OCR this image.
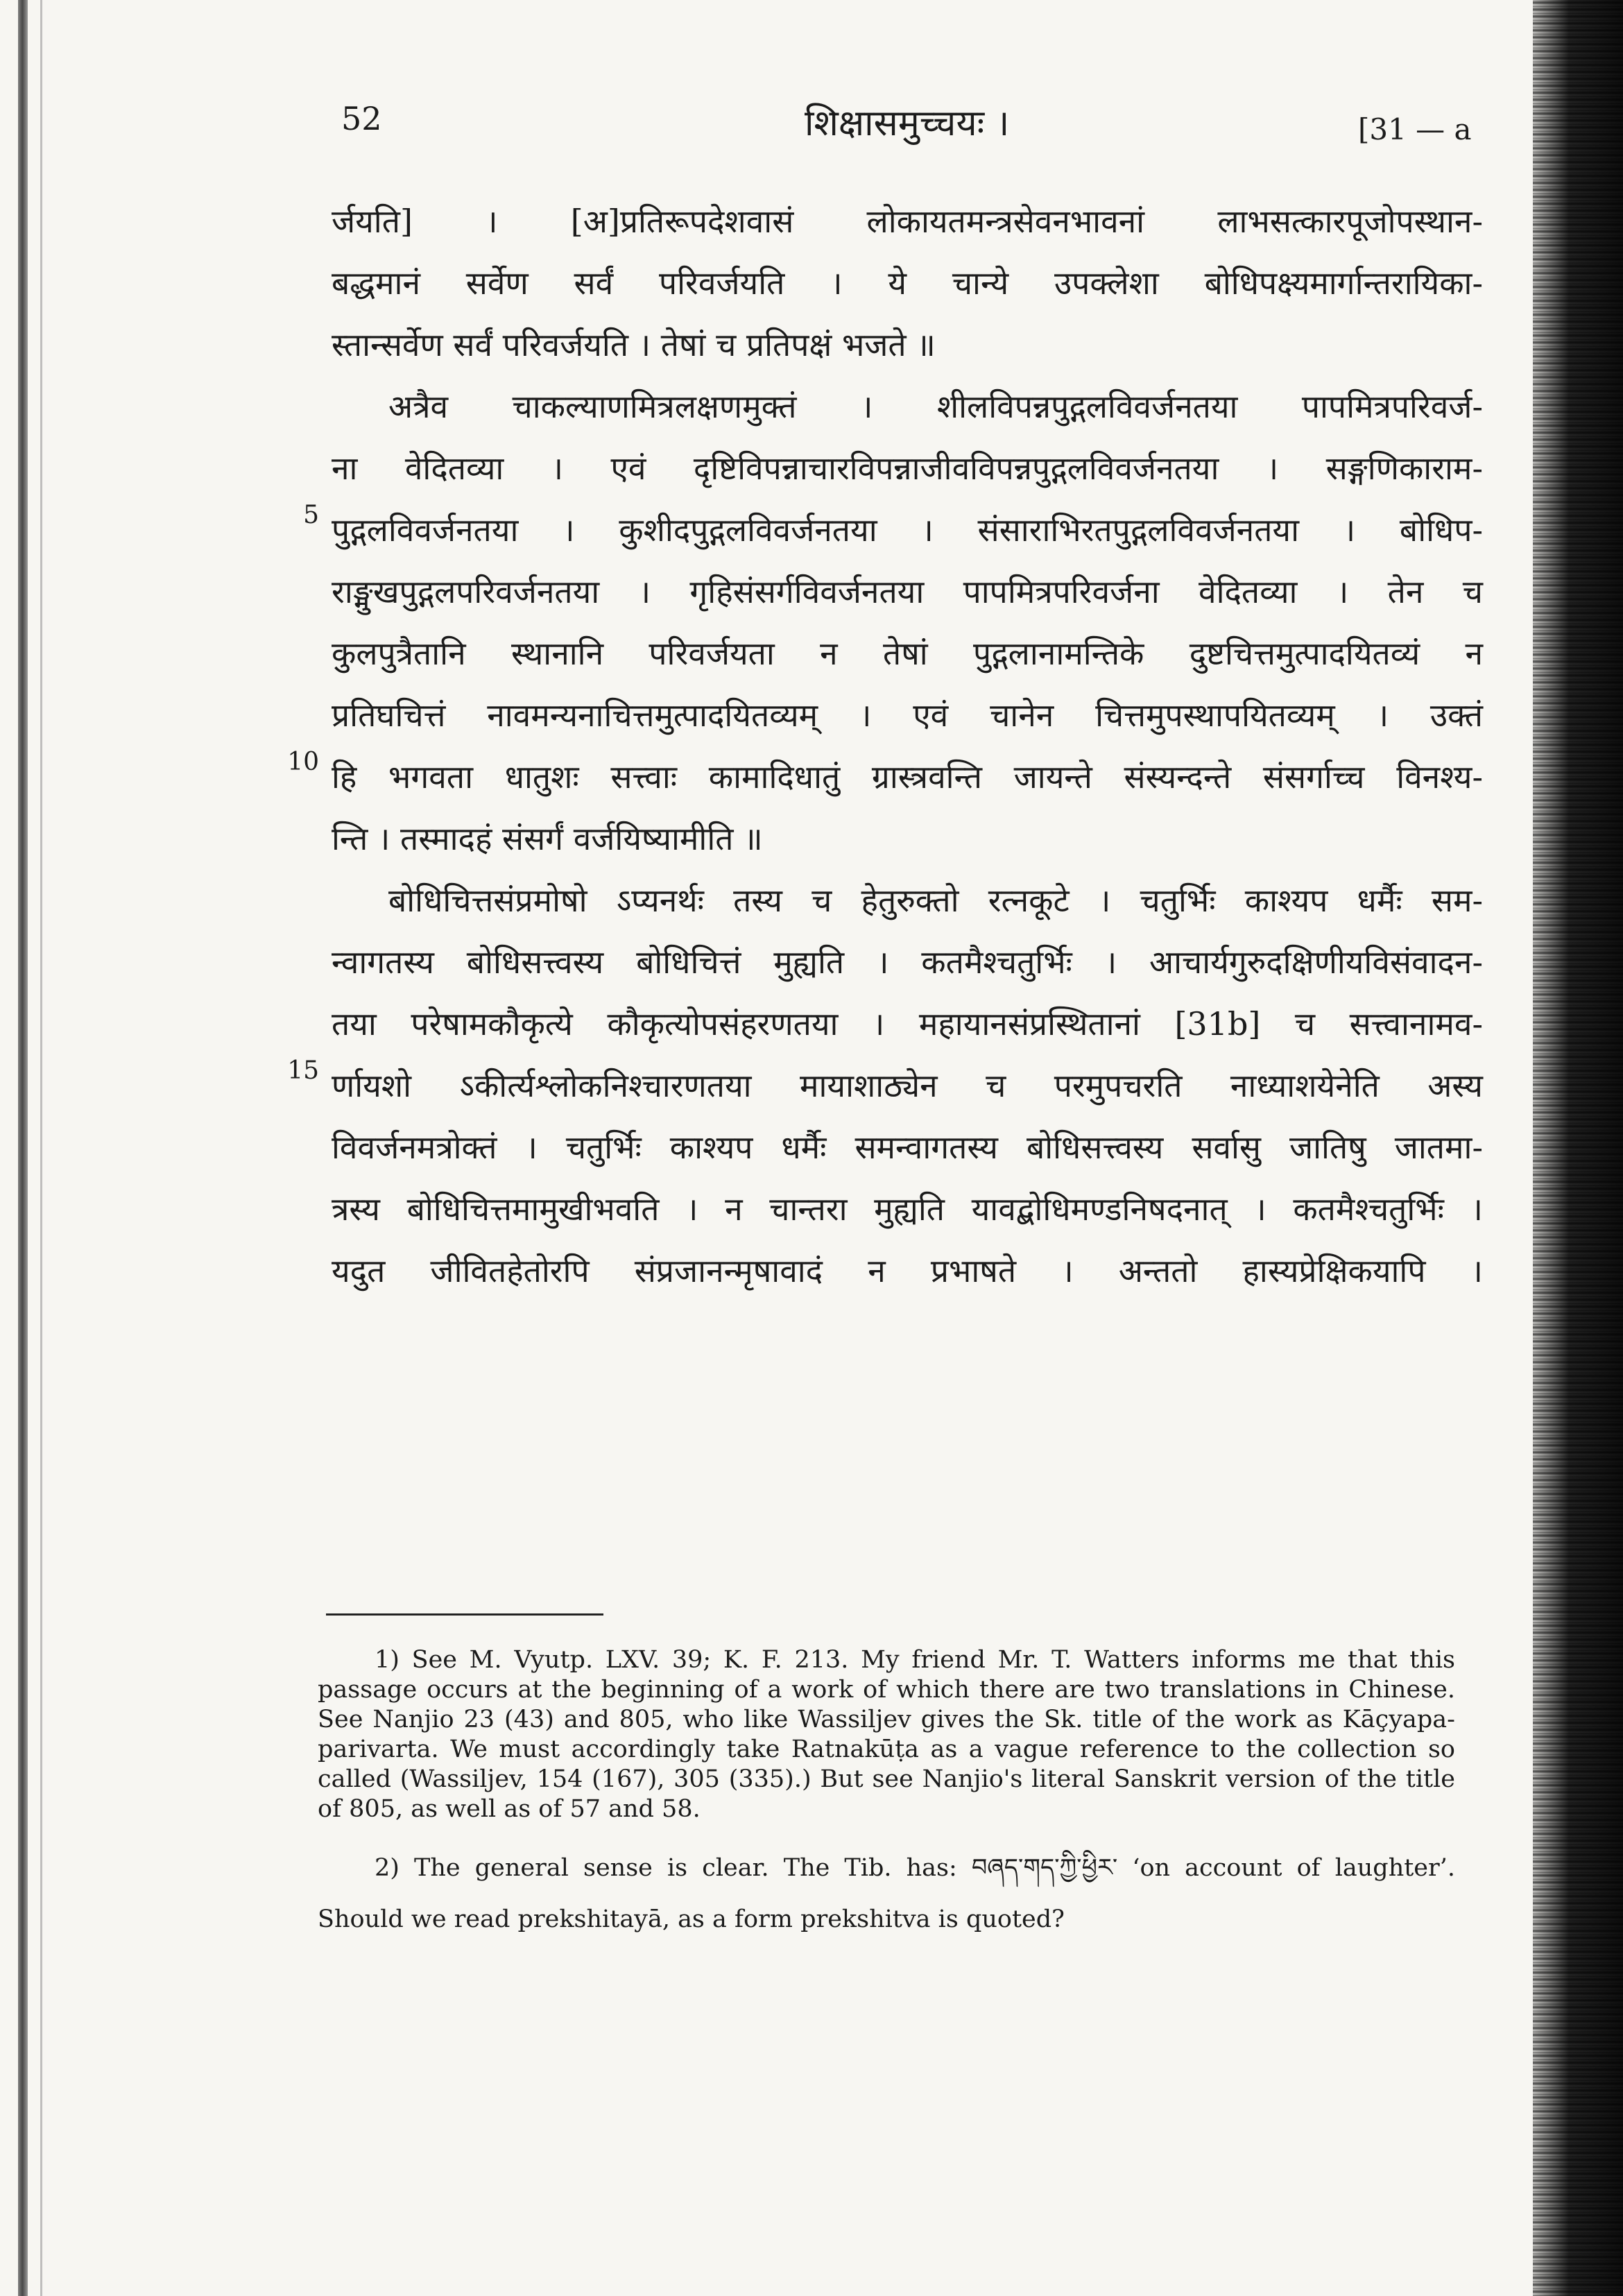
52	शिक्षासमुच्चयः ।	[31 — a
र्जयति] । [अ]प्रतिरूपदेशवासं लोकायतमन्त्रसेवनभावनां लाभसत्कारपूजोपस्थान-
बद्धमानं सर्वेण सर्वं परिवर्जयति । ये चान्ये उपक्लेशा बोधिपक्ष्यमार्गान्तरायिका-
स्तान्सर्वेण सर्वं परिवर्जयति । तेषां च प्रतिपक्षं भजते ॥
अत्रैव चाकल्याणमित्रलक्षणमुक्तं । शीलविपन्नपुद्गलविवर्जनतया पापमित्रपरिवर्ज-
ना वेदितव्या । एवं दृष्टिविपन्नाचारविपन्नाजीवविपन्नपुद्गलविवर्जनतया । सङ्गणिकाराम-
पुद्गलविवर्जनतया । कुशीदपुद्गलविवर्जनतया । संसाराभिरतपुद्गलविवर्जनतया । बोधिप-
राङ्मुखपुद्गलपरिवर्जनतया । गृहिसंसर्गविवर्जनतया पापमित्रपरिवर्जना वेदितव्या । तेन च
कुलपुत्रैतानि स्थानानि परिवर्जयता न तेषां पुद्गलानामन्तिके दुष्टचित्तमुत्पादयितव्यं न
प्रतिघचित्तं नावमन्यनाचित्तमुत्पादयितव्यम् । एवं चानेन चित्तमुपस्थापयितव्यम् । उक्तं
हि भगवता धातुशः सत्त्वाः कामादिधातुं ग्रास्त्रवन्ति जायन्ते संस्यन्दन्ते संसर्गाच्च विनश्य-
न्ति । तस्मादहं संसर्गं वर्जयिष्यामीति ॥
बोधिचित्तसंप्रमोषो ऽप्यनर्थः तस्य च हेतुरुक्तो रत्नकूटे । चतुर्भिः काश्यप धर्मैः सम-
न्वागतस्य बोधिसत्त्वस्य बोधिचित्तं मुह्यति । कतमैश्चतुर्भिः । आचार्यगुरुदक्षिणीयविसंवादन-
तया परेषामकौकृत्ये कौकृत्योपसंहरणतया । महायानसंप्रस्थितानां [31b] च सत्त्वानामव-
र्णायशो ऽकीर्त्यश्लोकनिश्चारणतया मायाशाठ्येन च परमुपचरति नाध्याशयेनेति अस्य
विवर्जनमत्रोक्तं । चतुर्भिः काश्यप धर्मैः समन्वागतस्य बोधिसत्त्वस्य सर्वासु जातिषु जातमा-
त्रस्य बोधिचित्तमामुखीभवति । न चान्तरा मुह्यति यावद्बोधिमण्डनिषदनात् । कतमैश्चतुर्भिः ।
यदुत जीवितहेतोरपि संप्रजानन्मृषावादं न प्रभाषते । अन्ततो हास्यप्रेक्षिकयापि ।
5
10
15

1) See M. Vyutp. LXV. 39; K. F. 213. My friend Mr. T. Watters informs me that this passage occurs at the beginning of a work of which there are two translations in Chinese. See Nanjio 23 (43) and 805, who like Wassiljev gives the Sk. title of the work as Kāçyapa-parivarta. We must accordingly take Ratnakūṭa as a vague reference to the collection so called (Wassiljev, 154 (167), 305 (335).) But see Nanjio's literal Sanskrit version of the title of 805, as well as of 57 and 58.

2) The general sense is clear. The Tib. has: བཞད་གད་ཀྱི་ཕྱིར་ ‘on account of laughter’. Should we read prekshitayā, as a form prekshitva is quoted?
